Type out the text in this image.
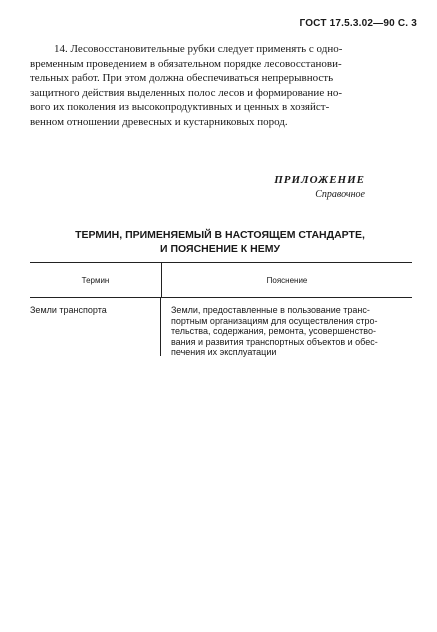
ГОСТ 17.5.3.02—90 С. 3
14. Лесовосстановительные рубки следует применять с одно-
временным проведением в обязательном порядке лесовосстанови-
тельных работ. При этом должна обеспечиваться непрерывность
защитного действия выделенных полос лесов и формирование но-
вого их поколения из высокопродуктивных и ценных в хозяйст-
венном отношении древесных и кустарниковых пород.
ПРИЛОЖЕНИЕ
Справочное
ТЕРМИН, ПРИМЕНЯЕМЫЙ В НАСТОЯЩЕМ СТАНДАРТЕ,
И ПОЯСНЕНИЕ К НЕМУ
Термин	Пояснение
Земли транспорта	Земли, предоставленные в пользование транс-
портным организациям для осуществления стро-
тельства, содержания, ремонта, усовершенство-
вания и развития транспортных объектов и обес-
печения их эксплуатации
